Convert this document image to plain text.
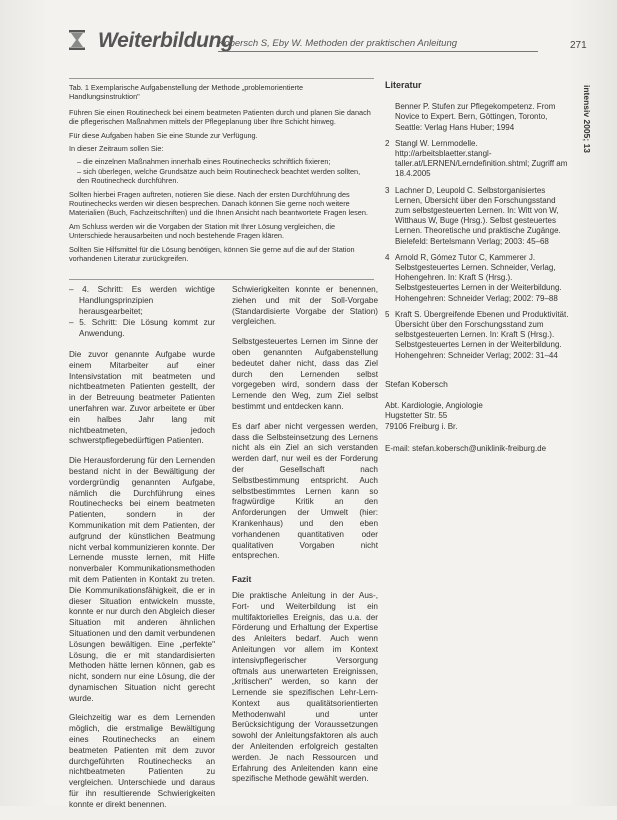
Weiterbildung
Kobersch S, Eby W. Methoden der praktischen Anleitung	271
intensiv 2005; 13
Tab. 1 Exemplarische Aufgabenstellung der Methode „problemorientierte Handlungsinstruktion"

Führen Sie einen Routinecheck bei einem beatmeten Patienten durch und planen Sie danach die pflegerischen Maßnahmen mittels der Pflegeplanung über Ihre Schicht hinweg.

Für diese Aufgaben haben Sie eine Stunde zur Verfügung.

In dieser Zeitraum sollen Sie:

– die einzelnen Maßnahmen innerhalb eines Routinechecks schriftlich fixieren;
– sich überlegen, welche Grundsätze auch beim Routinecheck beachtet werden sollten, den Routinecheck durchführen.

Sollten hierbei Fragen auftreten, notieren Sie diese. Nach der ersten Durchführung des Routinechecks werden wir diesen besprechen. Danach können Sie gerne noch weitere Materialien (Buch, Fachzeitschriften) und die Ihnen Ansicht nach beantwortete Fragen lesen.

Am Schluss werden wir die Vorgaben der Station mit Ihrer Lösung vergleichen, die Unterschiede herausarbeiten und noch bestehende Fragen klären.

Sollten Sie Hilfsmittel für die Lösung benötigen, können Sie gerne auf die auf der Station vorhandenen Literatur zurückgreifen.

– 4. Schritt: Es werden wichtige Handlungsprinzipien herausgearbeitet;
– 5. Schritt: Die Lösung kommt zur Anwendung.

Die zuvor genannte Aufgabe wurde einem Mitarbeiter auf einer Intensivstation mit beatmeten und nichtbeatmeten Patienten gestellt, der in der Betreuung beatmeter Patienten unerfahren war. Zuvor arbeitete er über ein halbes Jahr lang mit nichtbeatmeten, jedoch schwerstpflegebedürftigen Patienten.

Die Herausforderung für den Lernenden bestand nicht in der Bewältigung der vordergründig genannten Aufgabe, nämlich die Durchführung eines Routinechecks bei einem beatmeten Patienten, sondern in der Kommunikation mit dem Patienten, der aufgrund der künstlichen Beatmung nicht verbal kommunizieren konnte. Der Lernende musste lernen, mit Hilfe nonverbaler Kommunikationsmethoden mit dem Patienten in Kontakt zu treten. Die Kommunikationsfähigkeit, die er in dieser Situation entwickeln musste, konnte er nur durch den Abgleich dieser Situation mit anderen ähnlichen Situationen und den damit verbundenen Lösungen bewältigen. Eine „perfekte" Lösung, die er mit standardisierten Methoden hätte lernen können, gab es nicht, sondern nur eine Lösung, die der dynamischen Situation nicht gerecht wurde.

Gleichzeitig war es dem Lernenden möglich, die erstmalige Bewältigung eines Routinechecks an einem beatmeten Patienten mit dem zuvor durchgeführten Routinechecks an nichtbeatmeten Patienten zu vergleichen. Unterschiede und daraus für ihn resultierende Schwierigkeiten konnte er direkt benennen.

Schwierigkeiten konnte er benennen, ziehen und mit der Soll-Vorgabe (Standardisierte Vorgabe der Station) vergleichen.

Selbstgesteuertes Lernen im Sinne der oben genannten Aufgabenstellung bedeutet daher nicht, dass das Ziel durch den Lernenden selbst vorgegeben wird, sondern dass der Lernende den Weg, zum Ziel selbst bestimmt und entdecken kann.

Es darf aber nicht vergessen werden, dass die Selbsteinsetzung des Lernens nicht als ein Ziel an sich verstanden werden darf, nur weil es der Forderung der Gesellschaft nach Selbstbestimmung entspricht. Auch selbstbestimmtes Lernen kann so fragwürdige Kritik an den Anforderungen der Umwelt (hier: Krankenhaus) und den eben vorhandenen quantitativen oder qualitativen Vorgaben nicht entsprechen.

Fazit

Die praktische Anleitung in der Aus-, Fort- und Weiterbildung ist ein multifaktorielles Ereignis, das u.a. der Förderung und Erhaltung der Expertise des Anleiters bedarf. Auch wenn Anleitungen vor allem im Kontext intensivpflegerischer Versorgung oftmals aus unerwarteten Ereignissen, „kritischen" werden, so kann der Lernende sie spezifischen Lehr-Lern-Kontext aus qualitätsorientierten Methodenwahl und unter Berücksichtigung der Voraussetzungen sowohl der Anleitungsfaktoren als auch der Anleitenden erfolgreich gestalten werden. Je nach Ressourcen und Erfahrung des Anleitenden kann eine spezifische Methode gewählt werden.

Literatur
Benner P. Stufen zur Pflegekompetenz. From Novice to Expert. Bern, Göttingen, Toronto, Seattle: Verlag Hans Huber; 1994
2 Stangl W. Lernmodelle. http://arbeitsblaetter.stangl-taller.at/LERNEN/Lerndefinition.shtml; Zugriff am 18.4.2005
3 Lachner D, Leupold C. Selbstorganisiertes Lernen, Übersicht über den Forschungsstand zum selbstgesteuerten Lernen. In: Witt von W, Witthaus W, Buge (Hrsg.). Selbst gesteuertes Lernen. Theoretische und praktische Zugänge. Bielefeld: Bertelsmann Verlag; 2003: 45–68
4 Arnold R, Gómez Tutor C, Kammerer J. Selbstgesteuertes Lernen. Schneider, Verlag, Hohengehren. In: Kraft S (Hrsg.). Selbstgesteuertes Lernen in der Weiterbildung. Hohengehren: Schneider Verlag; 2002: 79–88
5 Kraft S. Übergreifende Ebenen und Produktivität. Übersicht über den Forschungsstand zum selbstgesteuerten Lernen. In: Kraft S (Hrsg.). Selbstgesteuertes Lernen in der Weiterbildung. Hohengehren: Schneider Verlag; 2002: 31–44
Stefan Kobersch
Abt. Kardiologie, Angiologie
Hugstetter Str. 55
79106 Freiburg i. Br.
E-mail: stefan.kobersch@uniklinik-freiburg.de
